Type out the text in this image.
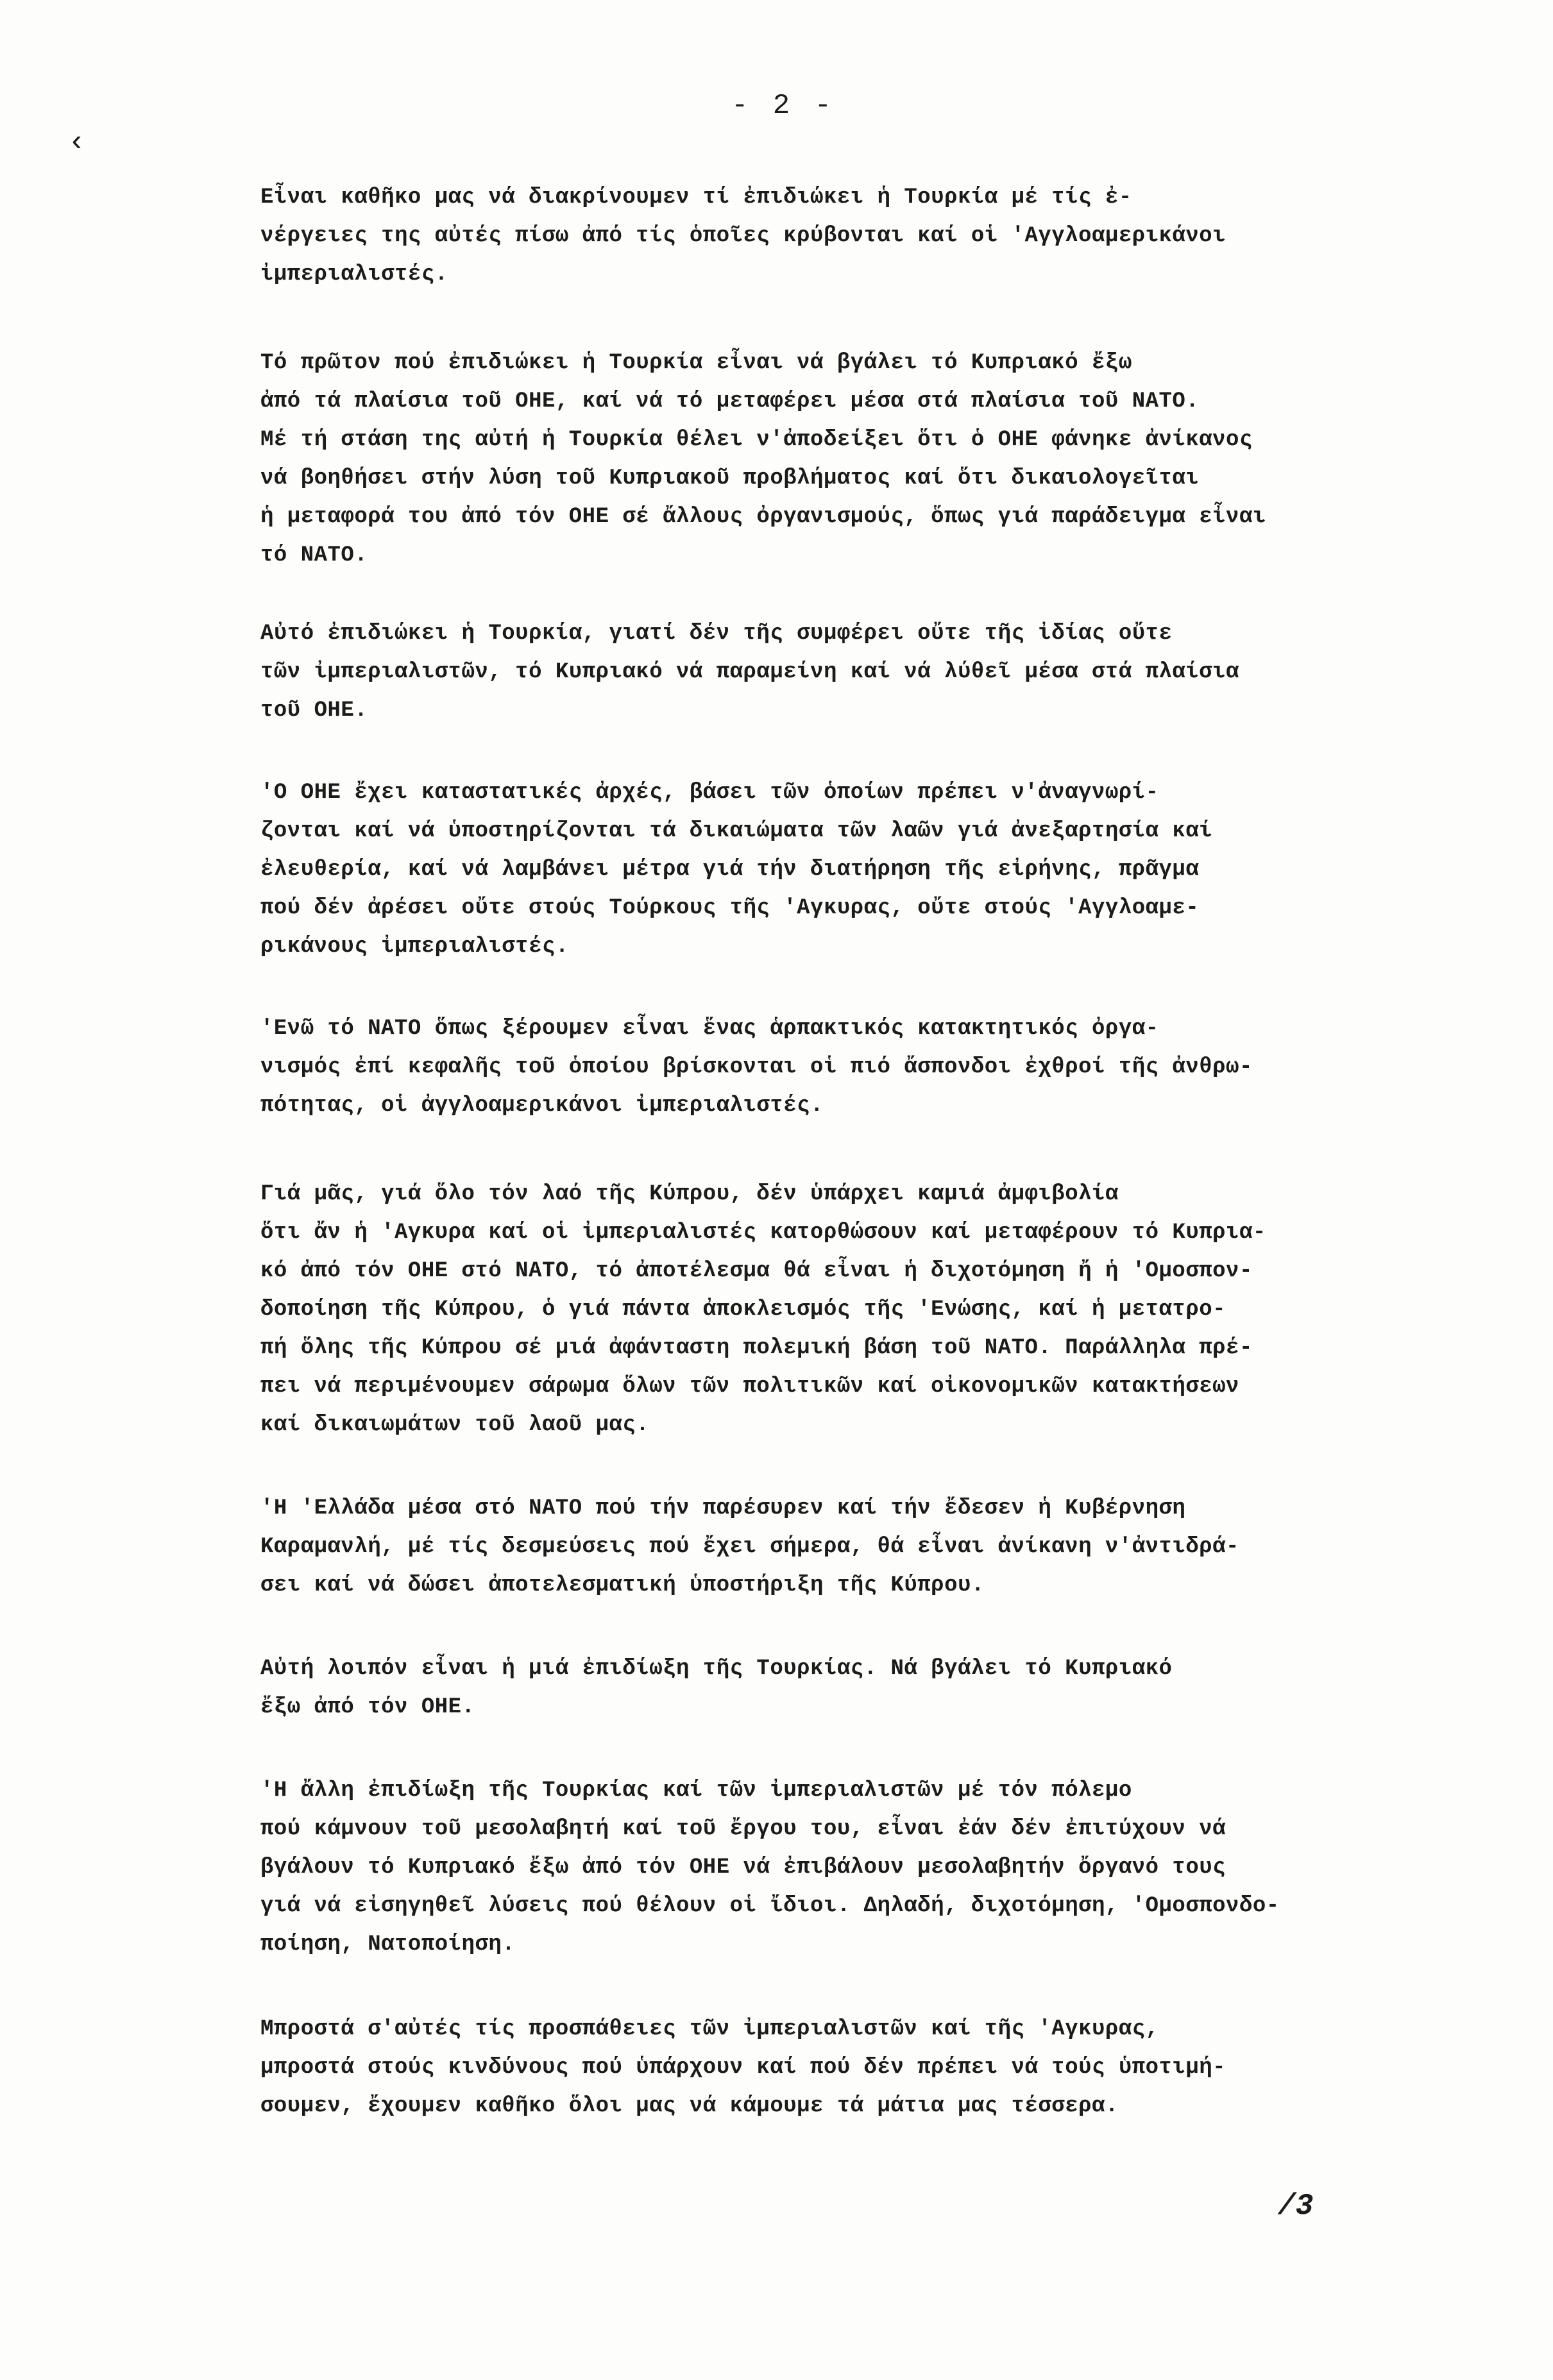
- 2 -

‹

Εἶναι καθῆκο μας νά διακρίνουμεν τί ἐπιδιώκει ἡ Τουρκία μέ τίς ἐ-
νέργειες της αὐτές πίσω ἀπό τίς ὁποῖες κρύβονται καί οἱ 'Αγγλοαμερικάνοι
ἰμπεριαλιστές.

Τό πρῶτον πού ἐπιδιώκει ἡ Τουρκία εἶναι νά βγάλει τό Κυπριακό ἔξω
ἀπό τά πλαίσια τοῦ ΟΗΕ, καί νά τό μεταφέρει μέσα στά πλαίσια τοῦ ΝΑΤΟ.
Μέ τή στάση της αὐτή ἡ Τουρκία θέλει ν'ἀποδείξει ὅτι ὁ ΟΗΕ φάνηκε ἀνίκανος
νά βοηθήσει στήν λύση τοῦ Κυπριακοῦ προβλήματος καί ὅτι δικαιολογεῖται
ἡ μεταφορά του ἀπό τόν ΟΗΕ σέ ἄλλους ὀργανισμούς, ὅπως γιά παράδειγμα εἶναι
τό ΝΑΤΟ.

Αὐτό ἐπιδιώκει ἡ Τουρκία, γιατί δέν τῆς συμφέρει οὔτε τῆς ἰδίας οὔτε
τῶν ἰμπεριαλιστῶν, τό Κυπριακό νά παραμείνη καί νά λύθεῖ μέσα στά πλαίσια
τοῦ ΟΗΕ.

'Ο ΟΗΕ ἔχει καταστατικές ἀρχές, βάσει τῶν ὁποίων πρέπει ν'ἀναγνωρί-
ζονται καί νά ὑποστηρίζονται τά δικαιώματα τῶν λαῶν γιά ἀνεξαρτησία καί
ἐλευθερία, καί νά λαμβάνει μέτρα γιά τήν διατήρηση τῆς εἰρήνης, πρᾶγμα
πού δέν ἀρέσει οὔτε στούς Τούρκους τῆς 'Αγκυρας, οὔτε στούς 'Αγγλοαμε-
ρικάνους ἰμπεριαλιστές.

'Ενῶ τό ΝΑΤΟ ὅπως ξέρουμεν εἶναι ἕνας ἁρπακτικός κατακτητικός ὀργα-
νισμός ἐπί κεφαλῆς τοῦ ὁποίου βρίσκονται οἱ πιό ἄσπονδοι ἐχθροί τῆς ἀνθρω-
πότητας, οἱ ἀγγλοαμερικάνοι ἰμπεριαλιστές.

Γιά μᾶς, γιά ὅλο τόν λαό τῆς Κύπρου, δέν ὑπάρχει καμιά ἀμφιβολία
ὅτι ἄν ἡ 'Αγκυρα καί οἱ ἰμπεριαλιστές κατορθώσουν καί μεταφέρουν τό Κυπρια-
κό ἀπό τόν ΟΗΕ στό ΝΑΤΟ, τό ἀποτέλεσμα θά εἶναι ἡ διχοτόμηση ἤ ἡ 'Ομοσπον-
δοποίηση τῆς Κύπρου, ὁ γιά πάντα ἀποκλεισμός τῆς 'Ενώσης, καί ἡ μετατρο-
πή ὅλης τῆς Κύπρου σέ μιά ἀφάνταστη πολεμική βάση τοῦ ΝΑΤΟ. Παράλληλα πρέ-
πει νά περιμένουμεν σάρωμα ὅλων τῶν πολιτικῶν καί οἰκονομικῶν κατακτήσεων
καί δικαιωμάτων τοῦ λαοῦ μας.

'Η 'Ελλάδα μέσα στό ΝΑΤΟ πού τήν παρέσυρεν καί τήν ἔδεσεν ἡ Κυβέρνηση
Καραμανλή, μέ τίς δεσμεύσεις πού ἔχει σήμερα, θά εἶναι ἀνίκανη ν'ἀντιδρά-
σει καί νά δώσει ἀποτελεσματική ὑποστήριξη τῆς Κύπρου.

Αὐτή λοιπόν εἶναι ἡ μιά ἐπιδίωξη τῆς Τουρκίας. Νά βγάλει τό Κυπριακό
ἔξω ἀπό τόν ΟΗΕ.

'Η ἄλλη ἐπιδίωξη τῆς Τουρκίας καί τῶν ἰμπεριαλιστῶν μέ τόν πόλεμο
πού κάμνουν τοῦ μεσολαβητή καί τοῦ ἔργου του, εἶναι ἐάν δέν ἐπιτύχουν νά
βγάλουν τό Κυπριακό ἔξω ἀπό τόν ΟΗΕ νά ἐπιβάλουν μεσολαβητήν ὄργανό τους
γιά νά εἰσηγηθεῖ λύσεις πού θέλουν οἱ ἴδιοι. Δηλαδή, διχοτόμηση, 'Ομοσπονδο-
ποίηση, Νατοποίηση.

Μπροστά σ'αὐτές τίς προσπάθειες τῶν ἰμπεριαλιστῶν καί τῆς 'Αγκυρας,
μπροστά στούς κινδύνους πού ὑπάρχουν καί πού δέν πρέπει νά τούς ὑποτιμή-
σουμεν, ἔχουμεν καθῆκο ὅλοι μας νά κάμουμε τά μάτια μας τέσσερα.

/3
